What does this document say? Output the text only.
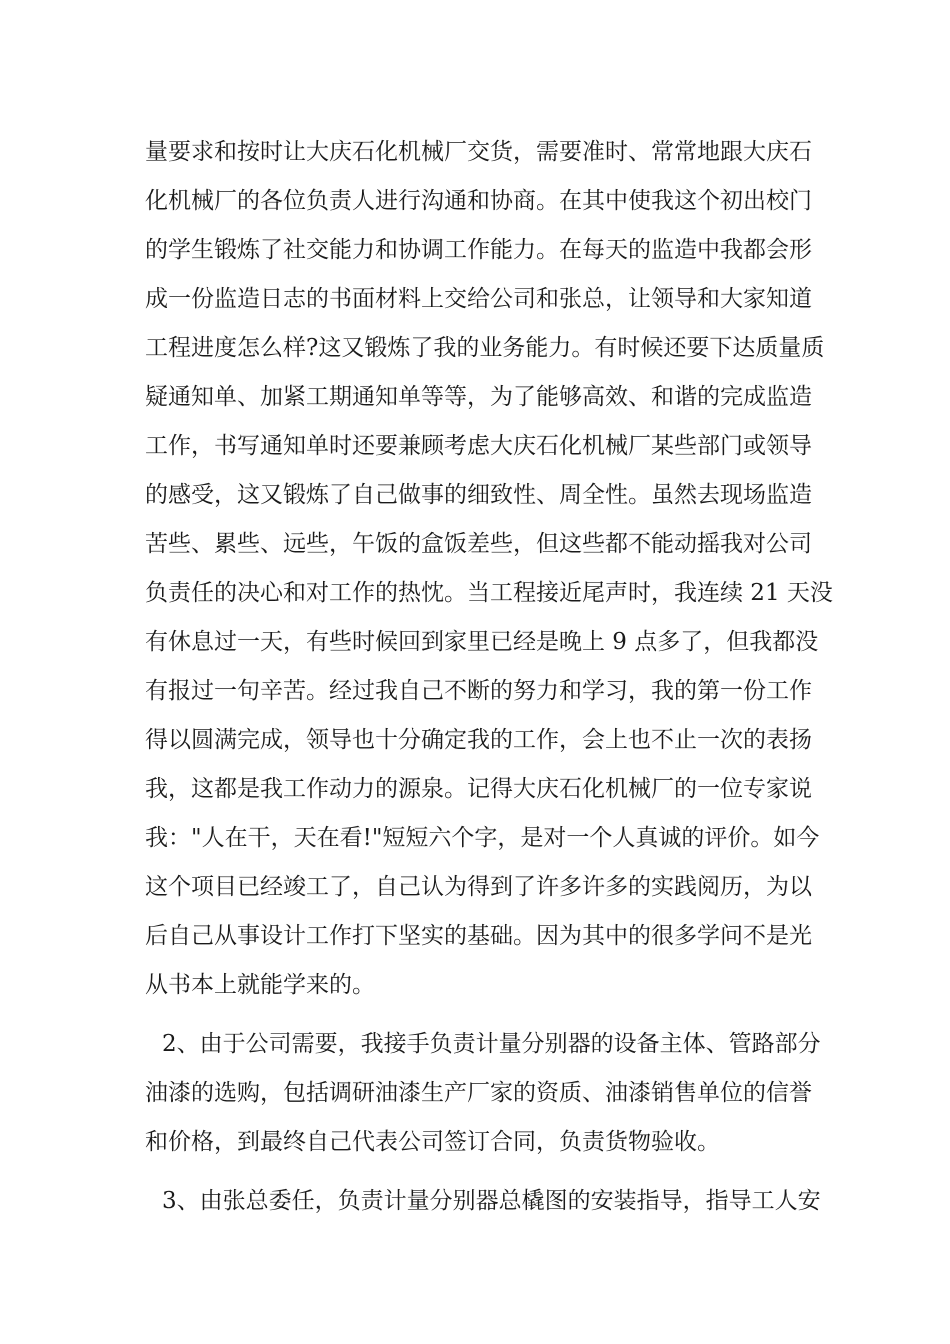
量要求和按时让大庆石化机械厂交货，需要准时、常常地跟大庆石
化机械厂的各位负责人进行沟通和协商。在其中使我这个初出校门
的学生锻炼了社交能力和协调工作能力。在每天的监造中我都会形
成一份监造日志的书面材料上交给公司和张总，让领导和大家知道
工程进度怎么样?这又锻炼了我的业务能力。有时候还要下达质量质
疑通知单、加紧工期通知单等等，为了能够高效、和谐的完成监造
工作，书写通知单时还要兼顾考虑大庆石化机械厂某些部门或领导
的感受，这又锻炼了自己做事的细致性、周全性。虽然去现场监造
苦些、累些、远些，午饭的盒饭差些，但这些都不能动摇我对公司
负责任的决心和对工作的热忱。当工程接近尾声时，我连续 21 天没
有休息过一天，有些时候回到家里已经是晚上 9 点多了，但我都没
有报过一句辛苦。经过我自己不断的努力和学习，我的第一份工作
得以圆满完成，领导也十分确定我的工作，会上也不止一次的表扬
我，这都是我工作动力的源泉。记得大庆石化机械厂的一位专家说
我："人在干，天在看!"短短六个字，是对一个人真诚的评价。如今
这个项目已经竣工了，自己认为得到了许多许多的实践阅历，为以
后自己从事设计工作打下坚实的基础。因为其中的很多学问不是光
从书本上就能学来的。
2、由于公司需要，我接手负责计量分别器的设备主体、管路部分
油漆的选购，包括调研油漆生产厂家的资质、油漆销售单位的信誉
和价格，到最终自己代表公司签订合同，负责货物验收。
3、由张总委任，负责计量分别器总橇图的安装指导，指导工人安
